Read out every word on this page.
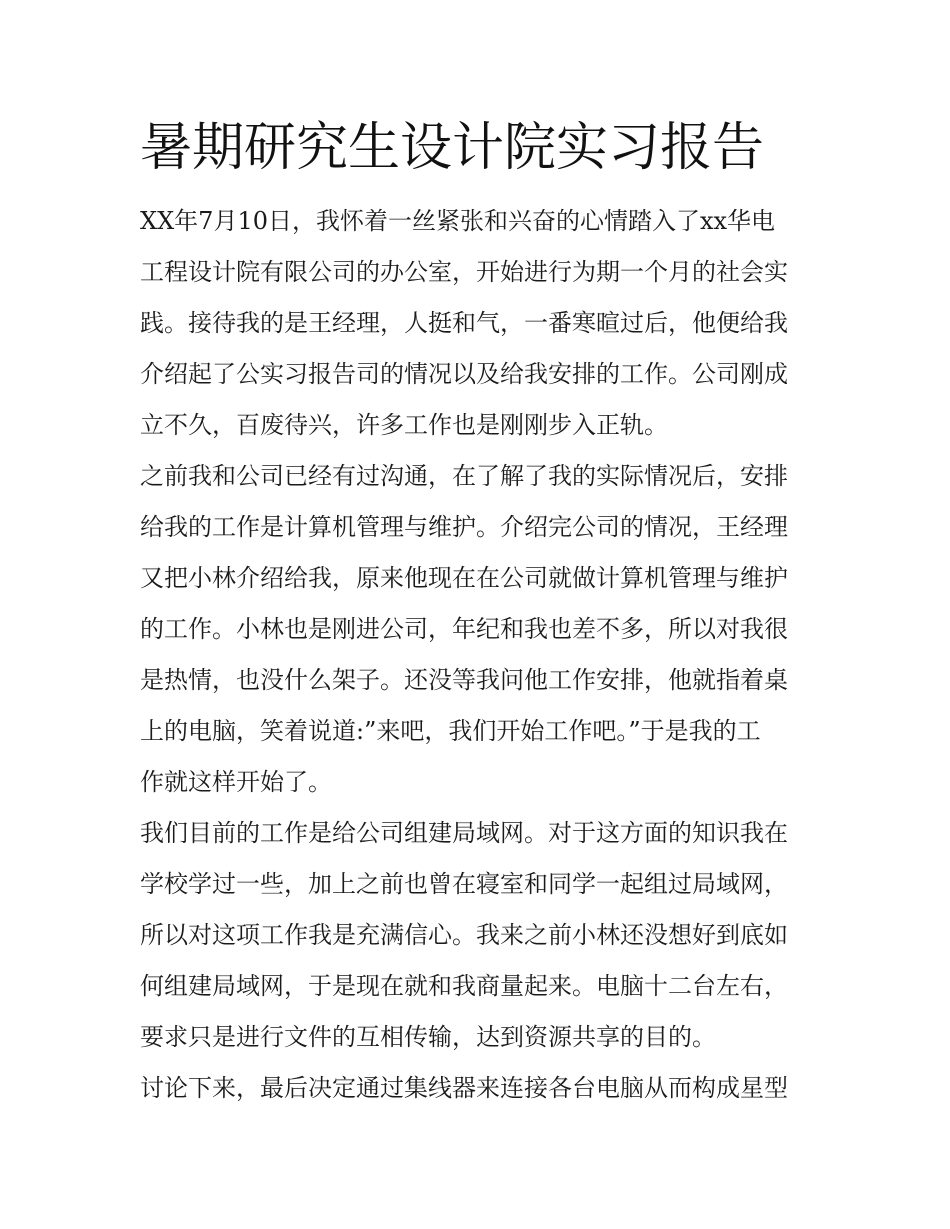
暑期研究生设计院实习报告
XX年7月10日，我怀着一丝紧张和兴奋的心情踏入了xx华电
工程设计院有限公司的办公室，开始进行为期一个月的社会实
践。接待我的是王经理，人挺和气，一番寒暄过后，他便给我
介绍起了公实习报告司的情况以及给我安排的工作。公司刚成
立不久，百废待兴，许多工作也是刚刚步入正轨。
之前我和公司已经有过沟通，在了解了我的实际情况后，安排
给我的工作是计算机管理与维护。介绍完公司的情况，王经理
又把小林介绍给我，原来他现在在公司就做计算机管理与维护
的工作。小林也是刚进公司，年纪和我也差不多，所以对我很
是热情，也没什么架子。还没等我问他工作安排，他就指着桌
上的电脑，笑着说道:”来吧，我们开始工作吧。”于是我的工
作就这样开始了。
我们目前的工作是给公司组建局域网。对于这方面的知识我在
学校学过一些，加上之前也曾在寝室和同学一起组过局域网，
所以对这项工作我是充满信心。我来之前小林还没想好到底如
何组建局域网，于是现在就和我商量起来。电脑十二台左右，
要求只是进行文件的互相传输，达到资源共享的目的。
讨论下来，最后决定通过集线器来连接各台电脑从而构成星型
